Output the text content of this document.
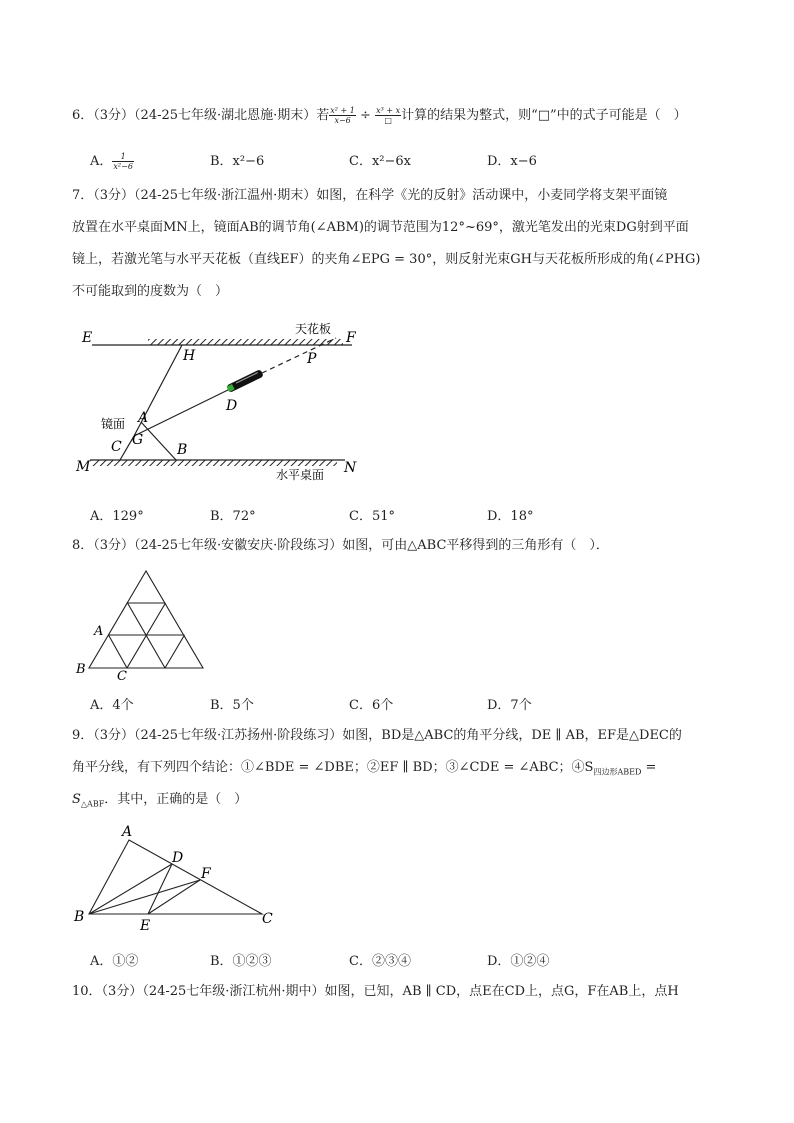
6．（3分）（24-25七年级·湖北恩施·期末）若 $\frac{\text{x² + 1}}{x-6} \div \frac{\text{x³ + x}}{□}$ 计算的结果为整式，则“□”中的式子可能是（　）
A． $\frac{1}{\text{x²−6}}$	B．x²−6	C．x²−6x	D．x−6
7．（3分）（24-25七年级·浙江温州·期末）如图，在科学《光的反射》活动课中，小麦同学将支架平面镜
放置在水平桌面MN上，镜面AB的调节角(∠ABM)的调节范围为12°~69°，激光笔发出的光束DG射到平面
镜上，若激光笔与水平天花板（直线EF）的夹角∠EPG = 30°，则反射光束GH与天花板所形成的角(∠PHG)
不可能取到的度数为（　）
E	F
H	P
D
A
G
C	B
M	N
天花板
镜面
水平桌面
A．129°	B．72°	C．51°	D．18°
8．（3分）（24-25七年级·安徽安庆·阶段练习）如图，可由△ABC平移得到的三角形有（　）．
A
B C
A．4个	B．5个	C．6个	D．7个
9．（3分）（24-25七年级·江苏扬州·阶段练习）如图，BD是△ABC的角平分线，DE ∥ AB，EF是△DEC的
角平分线，有下列四个结论：①∠BDE = ∠DBE；②EF ∥ BD；③∠CDE = ∠ABC；$④S_{四边形ABED}$ =
$S_{\triangle ABF}$．其中，正确的是（　）
A
B	C
D
E
F
A．①②	B．①②③	C．②③④	D．①②④
10．（3分）（24-25七年级·浙江杭州·期中）如图，已知，AB ∥ CD，点E在CD上，点G，F在AB上，点H
